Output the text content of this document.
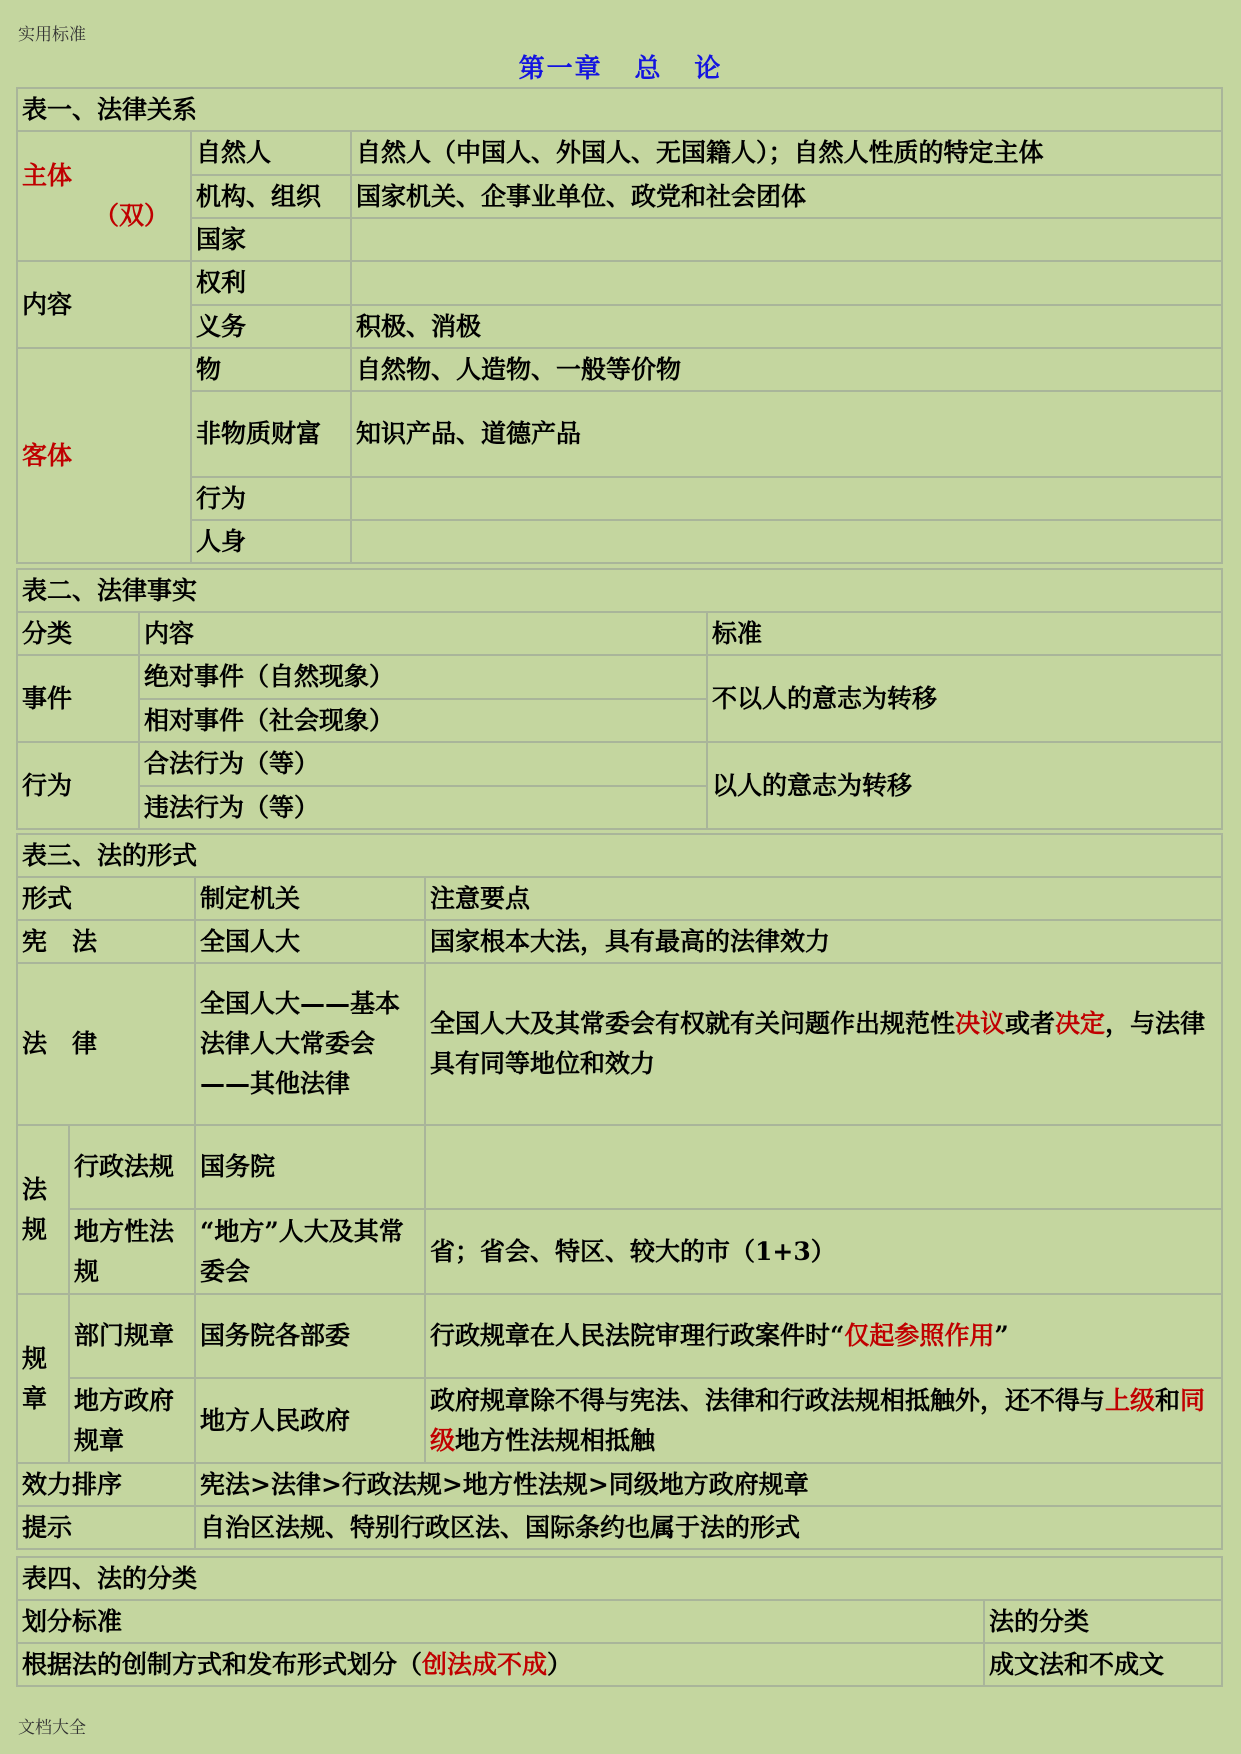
实用标准
第一章 总 论
表一、法律关系		
主体
（双）	自然人	自然人（中国人、外国人、无国籍人）；自然人性质的特定主体
	机构、组织	国家机关、企事业单位、政党和社会团体
	国家	
内容	权利	
	义务	积极、消极
客体	物	自然物、人造物、一般等价物
	非物质财富	知识产品、道德产品
	行为	
	人身	
表二、法律事实		
分类	内容	标准
事件	绝对事件（自然现象）	不以人的意志为转移
	相对事件（社会现象）	
行为	合法行为（等）	以人的意志为转移
	违法行为（等）	
表三、法的形式			
形式		制定机关	注意要点
宪　法		全国人大	国家根本大法，具有最高的法律效力
法　律		全国人大——基本法律人大常委会——其他法律	全国人大及其常委会有权就有关问题作出规范性决议或者决定，与法律具有同等地位和效力
法规	行政法规	国务院	
	地方性法规	“地方”人大及其常委会	省；省会、特区、较大的市（1+3）
规章	部门规章	国务院各部委	行政规章在人民法院审理行政案件时“仅起参照作用”
	地方政府规章	地方人民政府	政府规章除不得与宪法、法律和行政法规相抵触外，还不得与上级和同级地方性法规相抵触
效力排序		宪法>法律>行政法规>地方性法规>同级地方政府规章	
提示		自治区法规、特别行政区法、国际条约也属于法的形式	
表四、法的分类	
划分标准	法的分类
根据法的创制方式和发布形式划分（创法成不成）	成文法和不成文
文档大全
